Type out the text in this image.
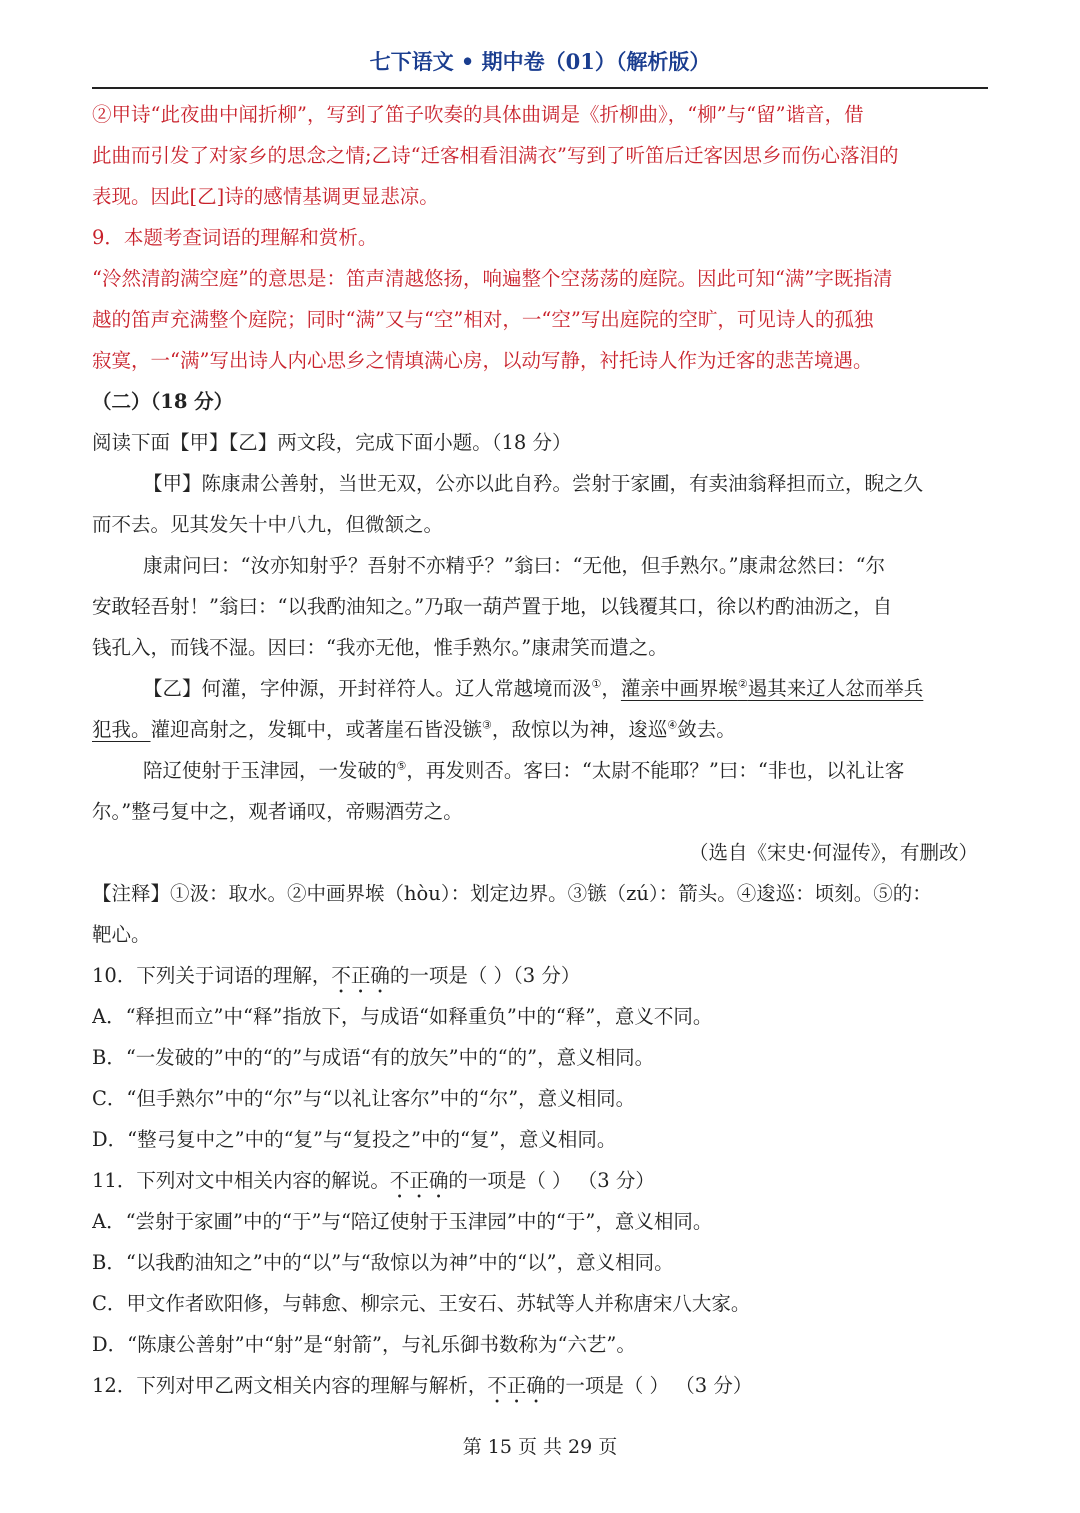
七下语文 • 期中卷（01）（解析版）
②甲诗“此夜曲中闻折柳”，写到了笛子吹奏的具体曲调是《折柳曲》，“柳”与“留”谐音，借
此曲而引发了对家乡的思念之情;乙诗“迁客相看泪满衣”写到了听笛后迁客因思乡而伤心落泪的
表现。因此[乙]诗的感情基调更显悲凉。
9．本题考查词语的理解和赏析。
“泠然清韵满空庭”的意思是：笛声清越悠扬，响遍整个空荡荡的庭院。因此可知“满”字既指清
越的笛声充满整个庭院；同时“满”又与“空”相对，一“空”写出庭院的空旷，可见诗人的孤独
寂寞，一“满”写出诗人内心思乡之情填满心房，以动写静，衬托诗人作为迁客的悲苦境遇。
（二）（18 分）
阅读下面【甲】【乙】两文段，完成下面小题。（18 分）
【甲】陈康肃公善射，当世无双，公亦以此自矜。尝射于家圃，有卖油翁释担而立，睨之久
而不去。见其发矢十中八九，但微颔之。
康肃问曰：“汝亦知射乎？吾射不亦精乎？”翁曰：“无他，但手熟尔。”康肃忿然曰：“尔
安敢轻吾射！”翁曰：“以我酌油知之。”乃取一葫芦置于地，以钱覆其口，徐以杓酌油沥之，自
钱孔入，而钱不湿。因曰：“我亦无他，惟手熟尔。”康肃笑而遣之。
【乙】何灌，字仲源，开封祥符人。辽人常越境而汲①，灌亲中画界堠②遏其来辽人忿而举兵
犯我。灌迎高射之，发辄中，或著崖石皆没镞③，敌惊以为神，逡巡④敛去。
陪辽使射于玉津园，一发破的⑤，再发则否。客曰：“太尉不能耶？”曰：“非也，以礼让客
尔。”整弓复中之，观者诵叹，帝赐酒劳之。
（选自《宋史·何湿传》，有删改）
【注释】①汲：取水。②中画界堠（hòu）：划定边界。③镞（zú）：箭头。④逡巡：顷刻。⑤的：
靶心。
10．下列关于词语的理解，不正确的一项是（ ）（3 分）
A．“释担而立”中“释”指放下，与成语“如释重负”中的“释”，意义不同。
B．“一发破的”中的“的”与成语“有的放矢”中的“的”，意义相同。
C．“但手熟尔”中的“尔”与“以礼让客尔”中的“尔”，意义相同。
D．“整弓复中之”中的“复”与“复投之”中的“复”，意义相同。
11．下列对文中相关内容的解说。不正确的一项是（ ） （3 分）
A．“尝射于家圃”中的“于”与“陪辽使射于玉津园”中的“于”，意义相同。
B．“以我酌油知之”中的“以”与“敌惊以为神”中的“以”，意义相同。
C．甲文作者欧阳修，与韩愈、柳宗元、王安石、苏轼等人并称唐宋八大家。
D．“陈康公善射”中“射”是“射箭”，与礼乐御书数称为“六艺”。
12．下列对甲乙两文相关内容的理解与解析，不正确的一项是（ ） （3 分）
第 15 页 共 29 页
